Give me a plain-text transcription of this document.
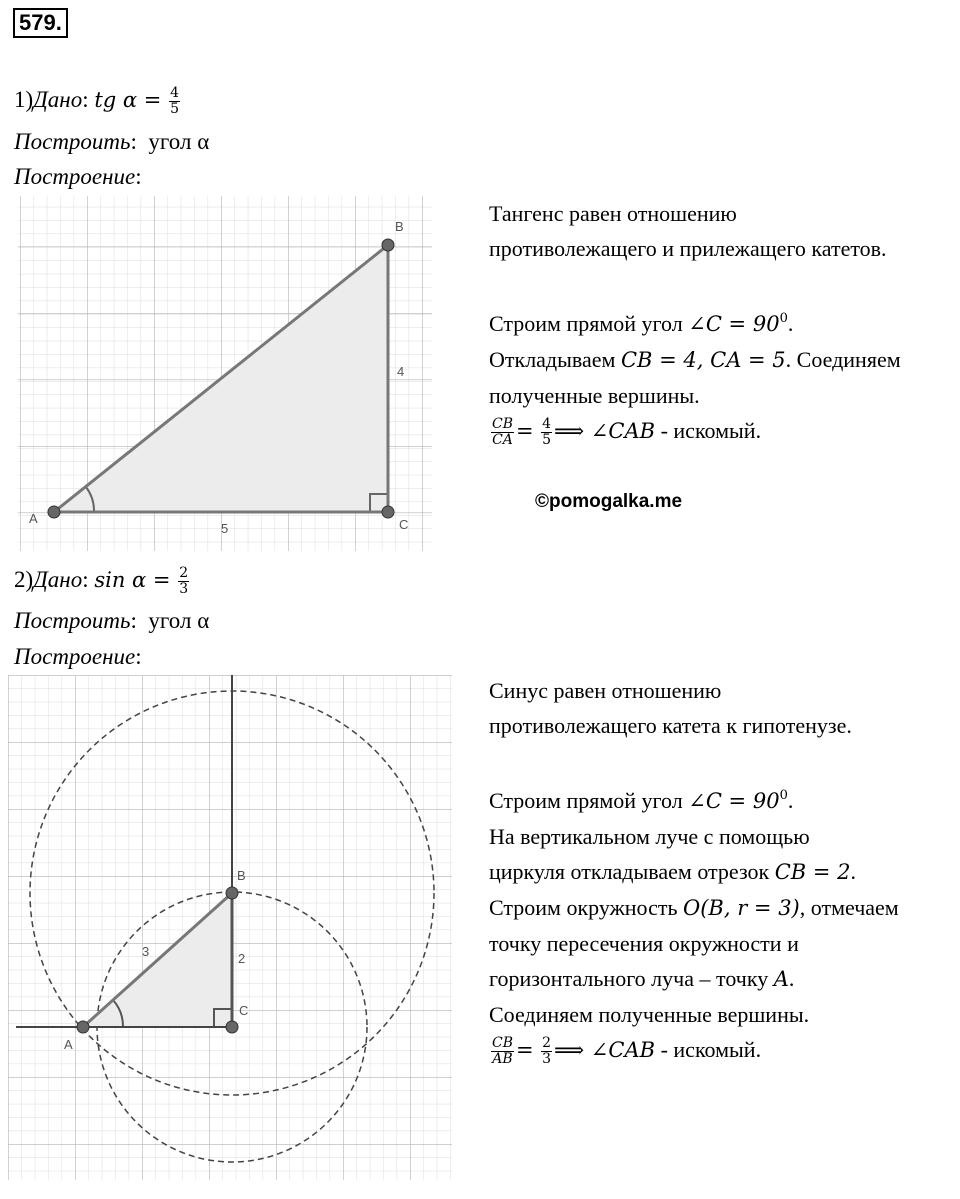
579.
1)Дано: tg $\alpha = \frac{4}{5}$
Построить:  угол α
Построение:
A
B
C
4
5
A
B
C
3	2
Тангенс равен отношению
противолежащего и прилежащего катетов.
Строим прямой угол ∠C = $90^0$.
Откладываем CB = 4, CA = 5. Соединяем
полученные вершины.
$\frac{CB}{CA} = \frac{4}{5}$ ⟹ ∠CAB - искомый.
©pomogalka.me
2)Дано: $\sin \alpha = \frac{2}{3}$
Построить:  угол α
Построение:
Синус равен отношению
противолежащего катета к гипотенузе.
Строим прямой угол ∠C = $90^0$.
На вертикальном луче с помощью
циркуля откладываем отрезок CB = 2.
Строим окружность O(B, r = 3), отмечаем
точку пересечения окружности и
горизонтального луча – точку A.
Соединяем полученные вершины.
$\frac{CB}{AB} = \frac{2}{3}$ ⟹ ∠CAB - искомый.
